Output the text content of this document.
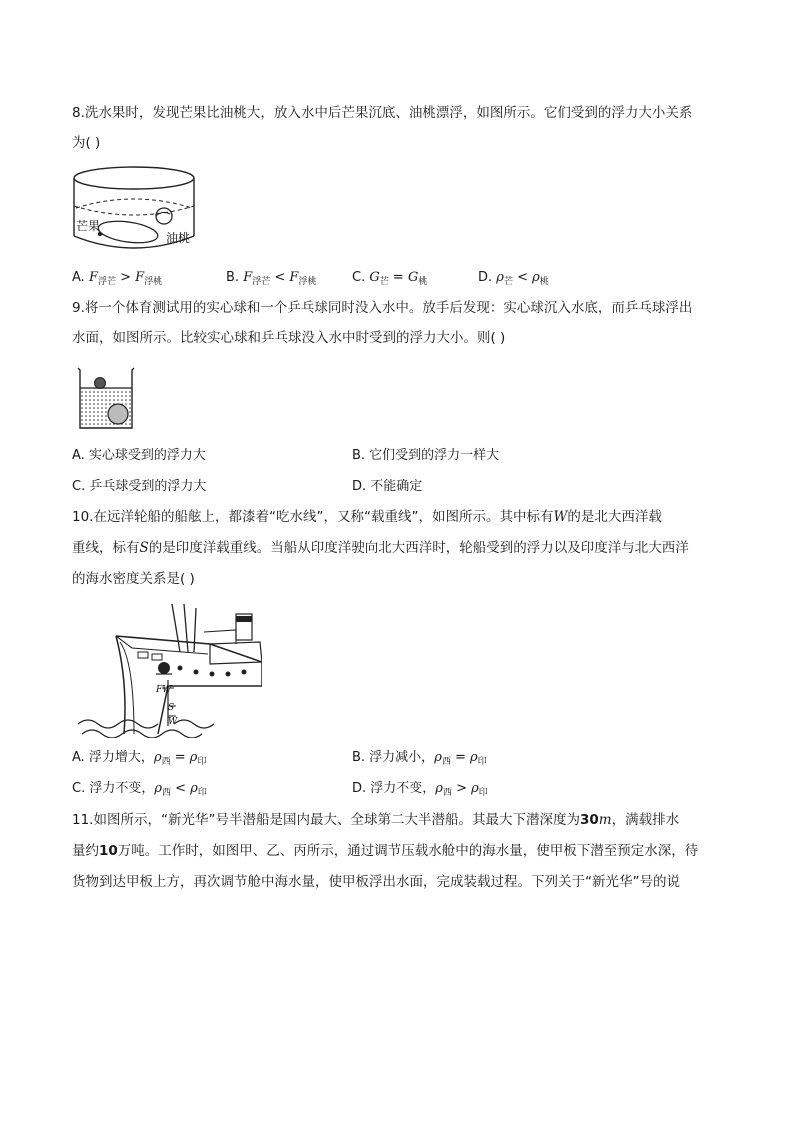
8.洗水果时，发现芒果比油桃大，放入水中后芒果沉底、油桃漂浮，如图所示。它们受到的浮力大小关系
为( )
芒果
油桃
A. $F_{浮芒} > F_{浮桃}$	B. $F_{浮芒} < F_{浮桃}$	C. $G_芒 = G_桃$	D. $\rho_芒 < \rho_桃$
9.将一个体育测试用的实心球和一个乒乓球同时没入水中。放手后发现：实心球沉入水底，而乒乓球浮出
水面，如图所示。比较实心球和乒乓球没入水中时受到的浮力大小。则( )
A. 实心球受到的浮力大	B. 它们受到的浮力一样大
C. 乒乓球受到的浮力大	D. 不能确定
10.在远洋轮船的船舷上，都漆着“吃水线”，又称“载重线”，如图所示。其中标有W的是北大西洋载
重线，标有S的是印度洋载重线。当船从印度洋驶向北大西洋时，轮船受到的浮力以及印度洋与北大西洋
的海水密度关系是( )
FW
S
W
A. 浮力增大，$\rho_西 = \rho_印$	B. 浮力减小，$\rho_西 = \rho_印$
C. 浮力不变，$\rho_西 < \rho_印$	D. 浮力不变，$\rho_西 > \rho_印$
11.如图所示，“新光华”号半潜船是国内最大、全球第二大半潜船。其最大下潜深度为30m，满载排水
量约10万吨。工作时，如图甲、乙、丙所示，通过调节压载水舱中的海水量，使甲板下潜至预定水深，待
货物到达甲板上方，再次调节舱中海水量，使甲板浮出水面，完成装载过程。下列关于“新光华”号的说
